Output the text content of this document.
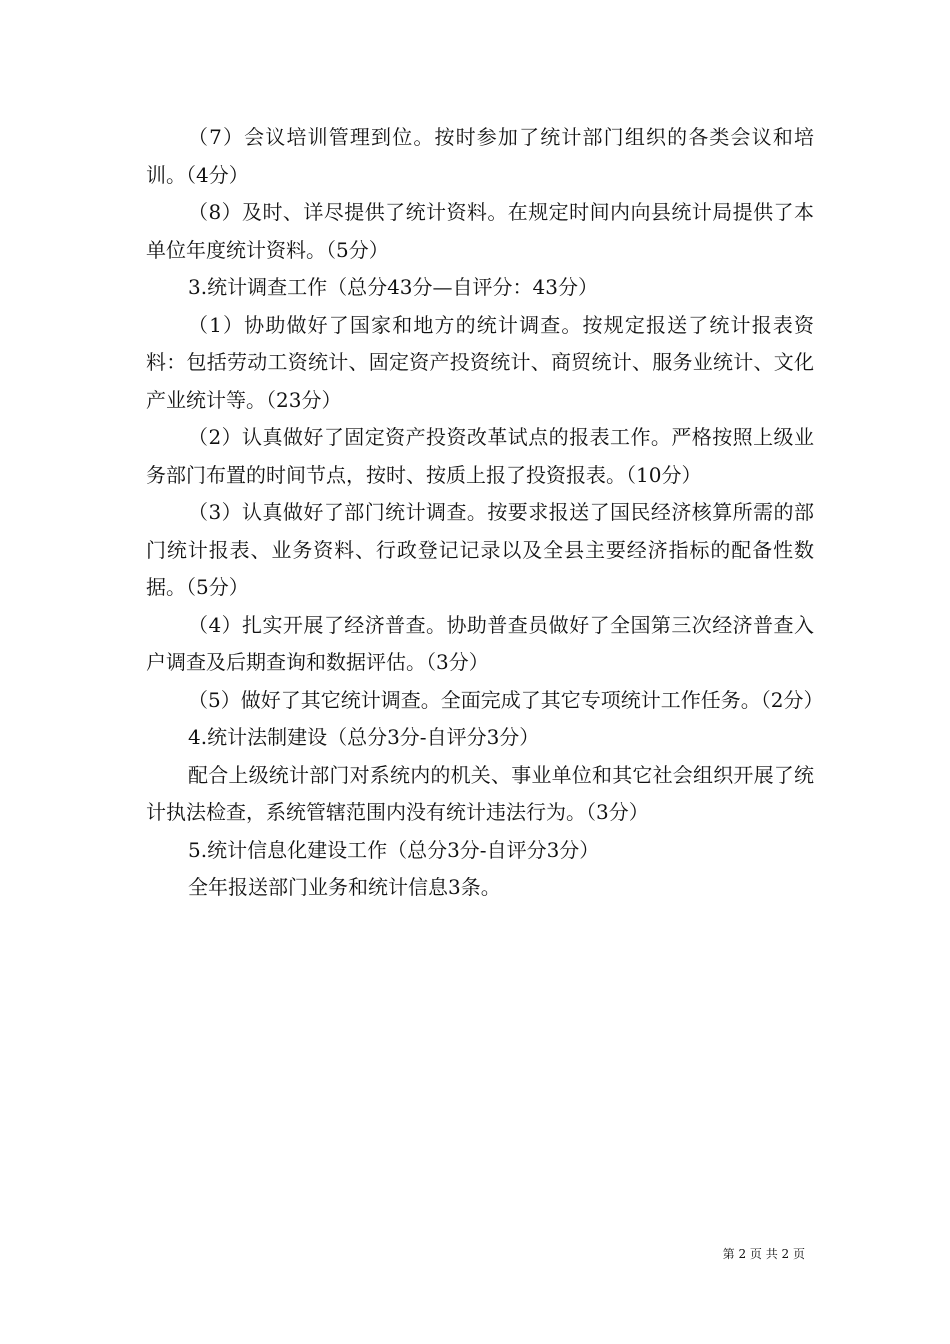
（7）会议培训管理到位。按时参加了统计部门组织的各类会议和培训。（4分）

（8）及时、详尽提供了统计资料。在规定时间内向县统计局提供了本单位年度统计资料。（5分）

3.统计调查工作（总分43分—自评分：43分）

（1）协助做好了国家和地方的统计调查。按规定报送了统计报表资料：包括劳动工资统计、固定资产投资统计、商贸统计、服务业统计、文化产业统计等。（23分）

（2）认真做好了固定资产投资改革试点的报表工作。严格按照上级业务部门布置的时间节点，按时、按质上报了投资报表。（10分）

（3）认真做好了部门统计调查。按要求报送了国民经济核算所需的部门统计报表、业务资料、行政登记记录以及全县主要经济指标的配备性数据。（5分）

（4）扎实开展了经济普查。协助普查员做好了全国第三次经济普查入户调查及后期查询和数据评估。（3分）

（5）做好了其它统计调查。全面完成了其它专项统计工作任务。（2分）

4.统计法制建设（总分3分-自评分3分）

配合上级统计部门对系统内的机关、事业单位和其它社会组织开展了统计执法检查，系统管辖范围内没有统计违法行为。（3分）

5.统计信息化建设工作（总分3分-自评分3分）

全年报送部门业务和统计信息3条。

第 2 页 共 2 页
